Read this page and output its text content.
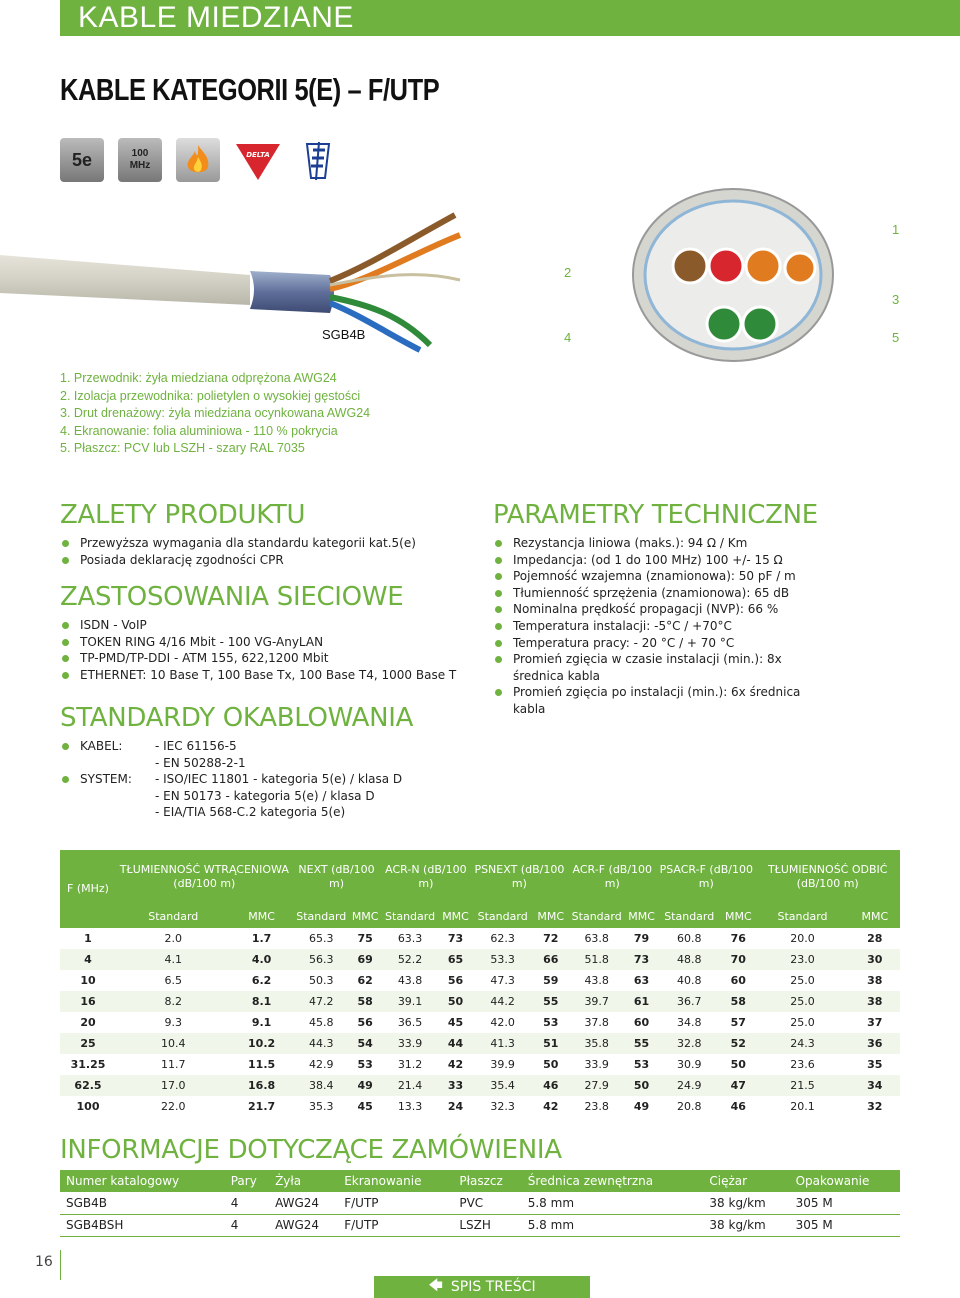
KABLE MIEDZIANE
KABLE KATEGORII 5(E) – F/UTP
5e	100 MHz
DELTA
SGB4B
1
2
3
4	5
1. Przewodnik: żyła miedziana odprężona AWG24
2. Izolacja przewodnika: polietylen o wysokiej gęstości
3. Drut drenażowy: żyła miedziana ocynkowana AWG24
4. Ekranowanie: folia aluminiowa - 110 % pokrycia
5. Płaszcz: PCV lub LSZH - szary RAL 7035
ZALETY PRODUKTU
Przewyższa wymagania dla standardu kategorii kat.5(e)
Posiada deklarację zgodności CPR
ZASTOSOWANIA SIECIOWE
ISDN - VoIP
TOKEN RING 4/16 Mbit - 100 VG-AnyLAN
TP-PMD/TP-DDI - ATM 155, 622,1200 Mbit
ETHERNET: 10 Base T, 100 Base Tx, 100 Base T4, 1000 Base T
STANDARDY OKABLOWANIA
KABEL:	- IEC 61156-5
- EN 50288-2-1
SYSTEM:	- ISO/IEC 11801 - kategoria 5(e) / klasa D
- EN 50173 - kategoria 5(e) / klasa D
- EIA/TIA 568-C.2 kategoria 5(e)
PARAMETRY TECHNICZNE
Rezystancja liniowa (maks.): 94 Ω / Km
Impedancja: (od 1 do 100 MHz) 100 +/- 15 Ω
Pojemność wzajemna (znamionowa): 50 pF / m
Tłumienność sprzężenia (znamionowa): 65 dB
Nominalna prędkość propagacji (NVP): 66 %
Temperatura instalacji: -5°C / +70°C
Temperatura pracy: - 20 °C / + 70 °C
Promień zgięcia w czasie instalacji (min.): 8x średnica kabla
Promień zgięcia po instalacji (min.): 6x średnica kabla
F (MHz)	TŁUMIENNOŚĆ WTRĄCENIOWA (dB/100 m)		NEXT (dB/100 m)		ACR-N (dB/100 m)		PSNEXT (dB/100 m)		ACR-F (dB/100 m)		PSACR-F (dB/100 m)		TŁUMIENNOŚĆ ODBIĆ (dB/100 m)	
	Standard	MMC	Standard	MMC	Standard	MMC	Standard	MMC	Standard	MMC	Standard	MMC	Standard	MMC
1	2.0	1.7	65.3	75	63.3	73	62.3	72	63.8	79	60.8	76	20.0	28
4	4.1	4.0	56.3	69	52.2	65	53.3	66	51.8	73	48.8	70	23.0	30
10	6.5	6.2	50.3	62	43.8	56	47.3	59	43.8	63	40.8	60	25.0	38
16	8.2	8.1	47.2	58	39.1	50	44.2	55	39.7	61	36.7	58	25.0	38
20	9.3	9.1	45.8	56	36.5	45	42.0	53	37.8	60	34.8	57	25.0	37
25	10.4	10.2	44.3	54	33.9	44	41.3	51	35.8	55	32.8	52	24.3	36
31.25	11.7	11.5	42.9	53	31.2	42	39.9	50	33.9	53	30.9	50	23.6	35
62.5	17.0	16.8	38.4	49	21.4	33	35.4	46	27.9	50	24.9	47	21.5	34
100	22.0	21.7	35.3	45	13.3	24	32.3	42	23.8	49	20.8	46	20.1	32
INFORMACJE DOTYCZĄCE ZAMÓWIENIA
Numer katalogowy	Pary	Żyła	Ekranowanie	Płaszcz	Średnica zewnętrzna	Ciężar	Opakowanie
SGB4B	4	AWG24	F/UTP	PVC	5.8 mm	38 kg/km	305 M
SGB4BSH	4	AWG24	F/UTP	LSZH	5.8 mm	38 kg/km	305 M
16
🡄 SPIS TREŚCI
